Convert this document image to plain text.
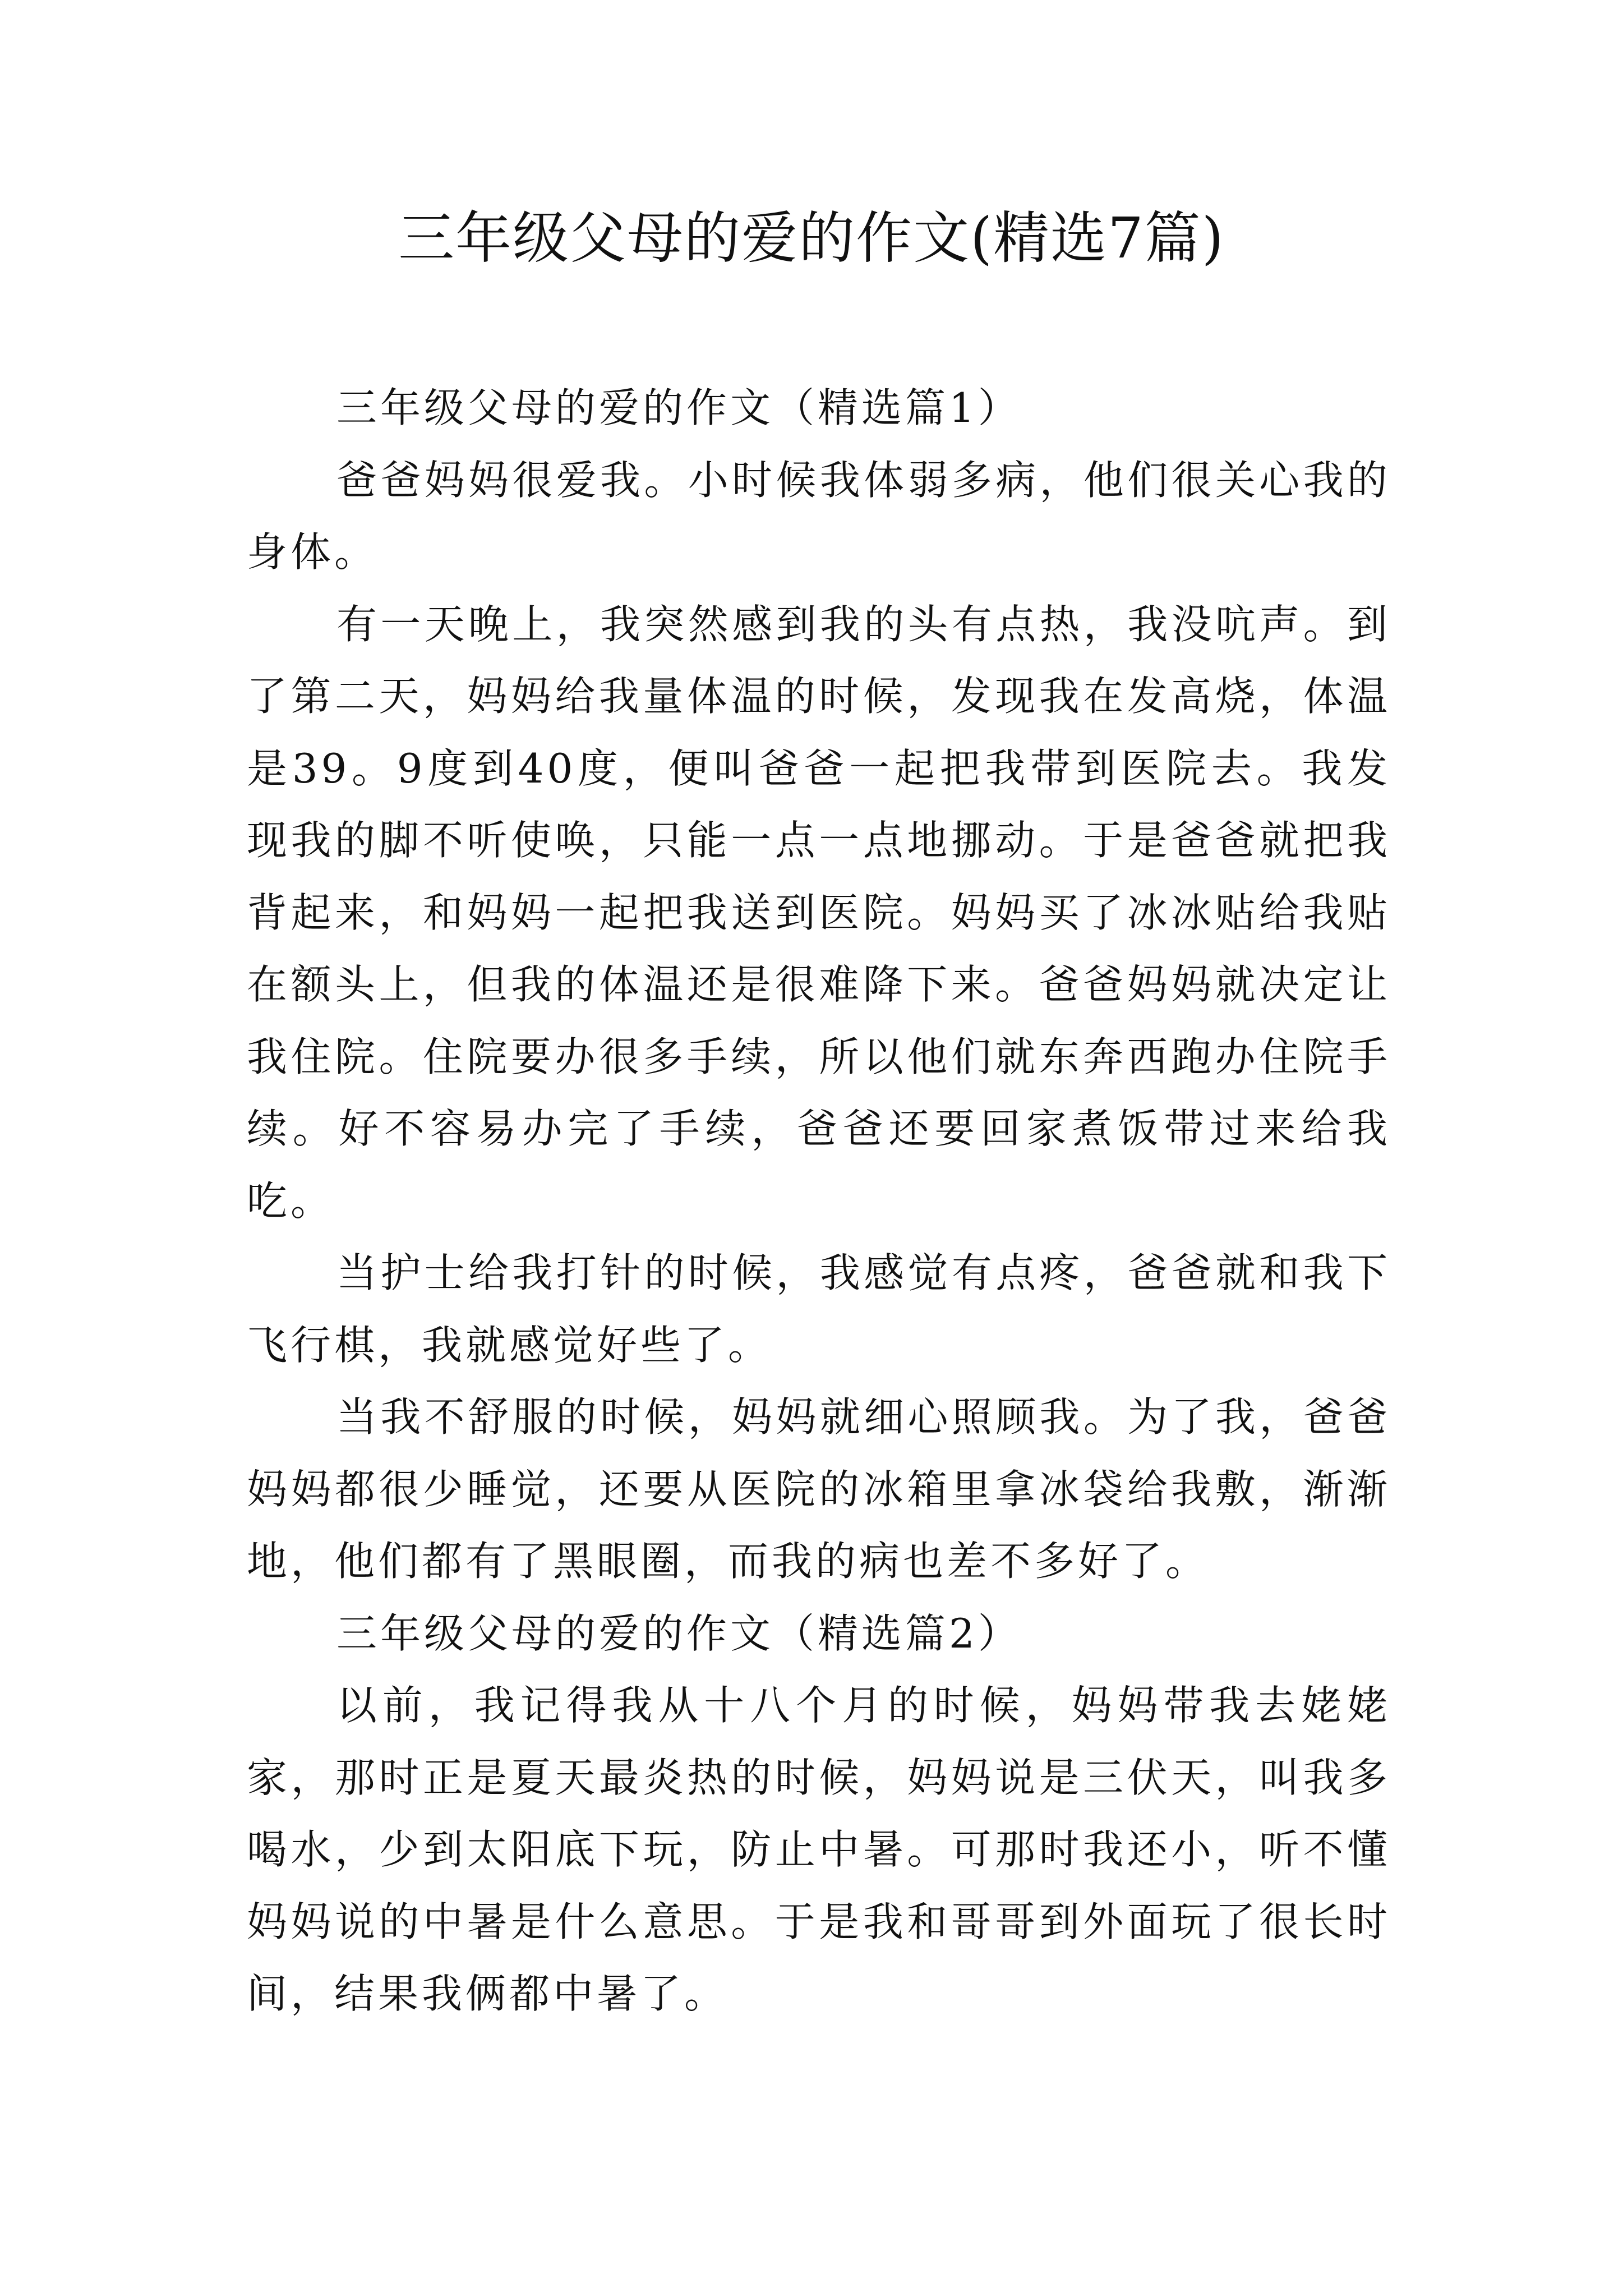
三年级父母的爱的作文(精选7篇)

三年级父母的爱的作文（精选篇1）

爸爸妈妈很爱我。小时候我体弱多病，他们很关心我的身体。

有一天晚上，我突然感到我的头有点热，我没吭声。到了第二天，妈妈给我量体温的时候，发现我在发高烧，体温是39。9度到40度，便叫爸爸一起把我带到医院去。我发现我的脚不听使唤，只能一点一点地挪动。于是爸爸就把我背起来，和妈妈一起把我送到医院。妈妈买了冰冰贴给我贴在额头上，但我的体温还是很难降下来。爸爸妈妈就决定让我住院。住院要办很多手续，所以他们就东奔西跑办住院手续。好不容易办完了手续，爸爸还要回家煮饭带过来给我吃。

当护士给我打针的时候，我感觉有点疼，爸爸就和我下飞行棋，我就感觉好些了。

当我不舒服的时候，妈妈就细心照顾我。为了我，爸爸妈妈都很少睡觉，还要从医院的冰箱里拿冰袋给我敷，渐渐地，他们都有了黑眼圈，而我的病也差不多好了。

三年级父母的爱的作文（精选篇2）

以前，我记得我从十八个月的时候，妈妈带我去姥姥家，那时正是夏天最炎热的时候，妈妈说是三伏天，叫我多喝水，少到太阳底下玩，防止中暑。可那时我还小，听不懂妈妈说的中暑是什么意思。于是我和哥哥到外面玩了很长时间，结果我俩都中暑了。
